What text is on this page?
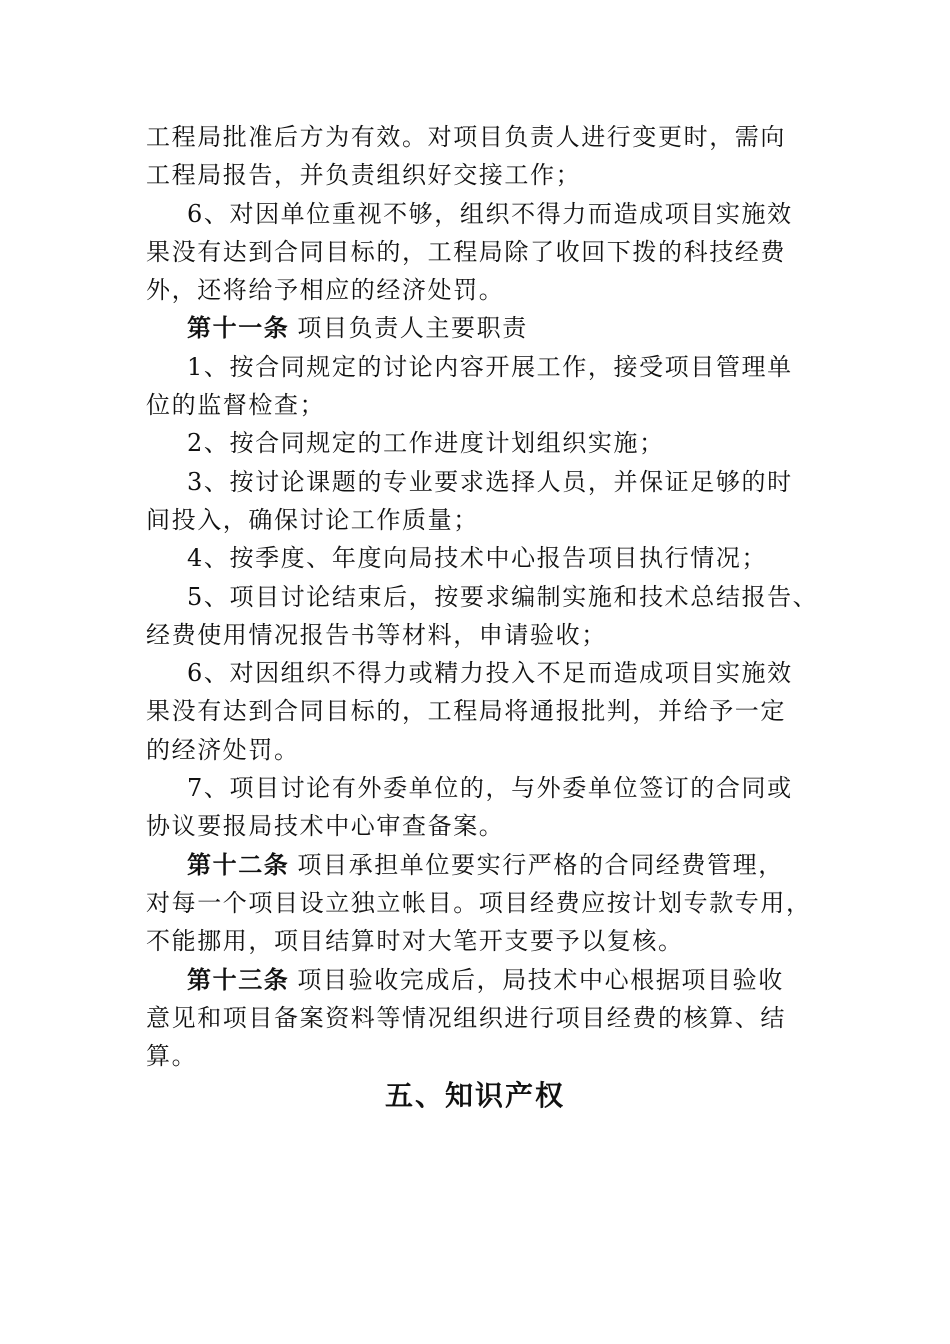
工程局批准后方为有效。对项目负责人进行变更时，需向
工程局报告，并负责组织好交接工作；
6、对因单位重视不够，组织不得力而造成项目实施效
果没有达到合同目标的，工程局除了收回下拨的科技经费
外，还将给予相应的经济处罚。
第十一条 项目负责人主要职责
1、按合同规定的讨论内容开展工作，接受项目管理单
位的监督检查；
2、按合同规定的工作进度计划组织实施；
3、按讨论课题的专业要求选择人员，并保证足够的时
间投入，确保讨论工作质量；
4、按季度、年度向局技术中心报告项目执行情况；
5、项目讨论结束后，按要求编制实施和技术总结报告、
经费使用情况报告书等材料，申请验收；
6、对因组织不得力或精力投入不足而造成项目实施效
果没有达到合同目标的，工程局将通报批判，并给予一定
的经济处罚。
7、项目讨论有外委单位的，与外委单位签订的合同或
协议要报局技术中心审查备案。
第十二条 项目承担单位要实行严格的合同经费管理，
对每一个项目设立独立帐目。项目经费应按计划专款专用，
不能挪用，项目结算时对大笔开支要予以复核。
第十三条 项目验收完成后，局技术中心根据项目验收
意见和项目备案资料等情况组织进行项目经费的核算、结
算。
五、知识产权
